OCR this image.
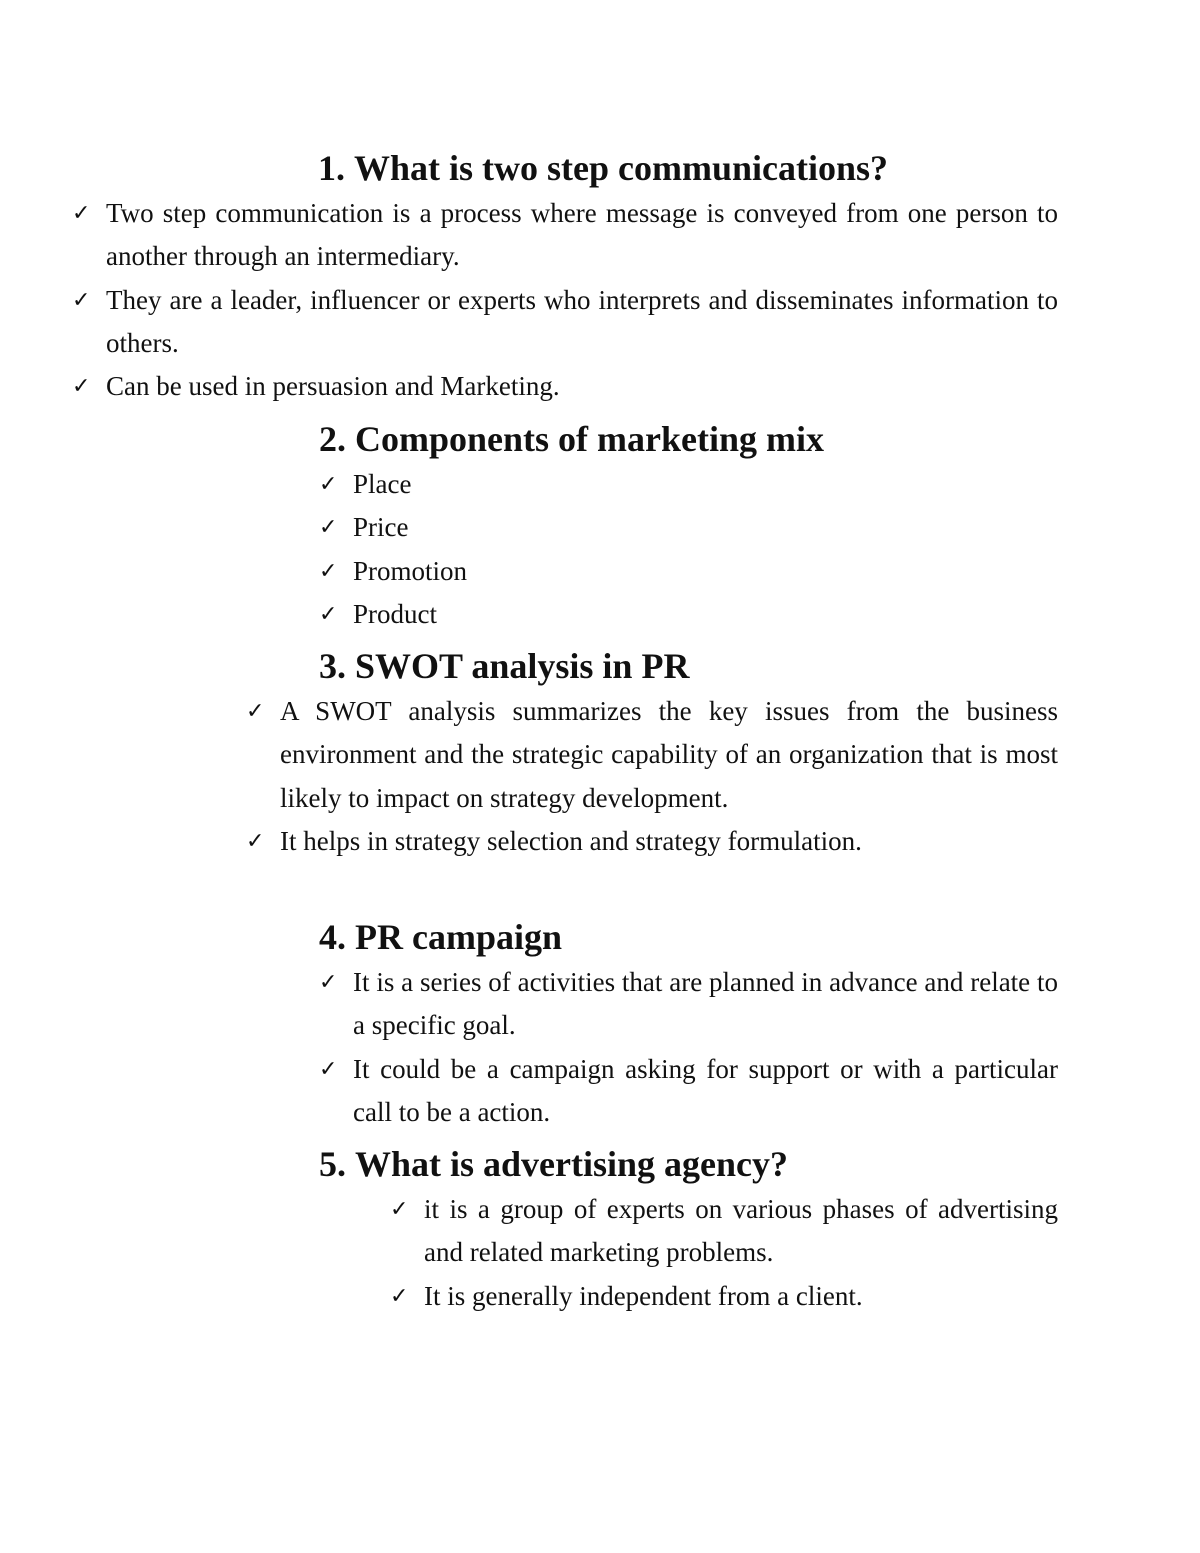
1. What is two step communications?
✓ Two step communication is a process where message is conveyed from one person to another through an intermediary.
✓ They are a leader, influencer or experts who interprets and disseminates information to others.
✓ Can be used in persuasion and Marketing.
2. Components of marketing mix
✓ Place
✓ Price
✓ Promotion
✓ Product
3. SWOT analysis in PR
✓ A SWOT analysis summarizes the key issues from the business environment and the strategic capability of an organization that is most likely to impact on strategy development.
✓ It helps in strategy selection and strategy formulation.
4. PR campaign
✓ It is a series of activities that are planned in advance and relate to a specific goal.
✓ It could be a campaign asking for support or with a particular call to be a action.
5. What is advertising agency?
✓ it is a group of experts on various phases of advertising and related marketing problems.
✓ It is generally independent from a client.
